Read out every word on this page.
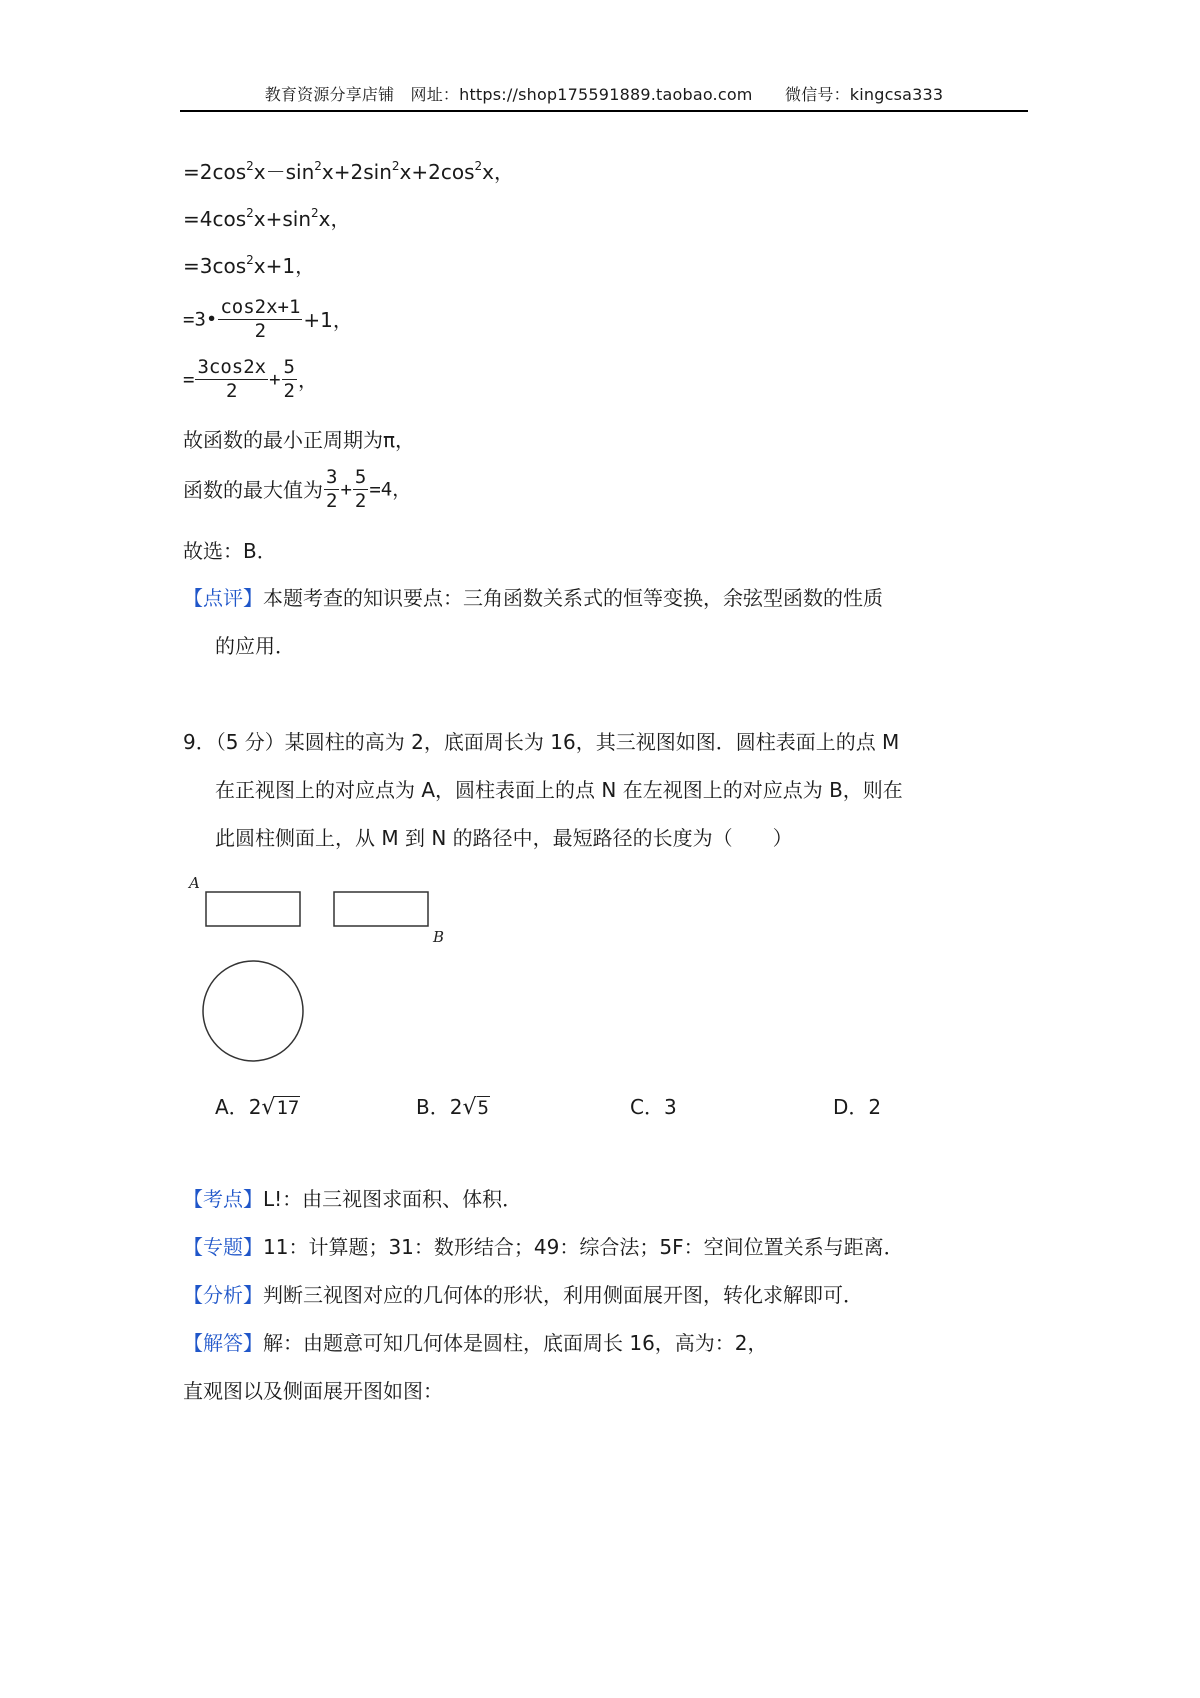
教育资源分享店铺　网址：https://shop175591889.taobao.com　　微信号：kingcsa333
$=2\cos^2x-\sin^2x+2\sin^2x+2\cos^2x$，
$=4\cos^2x+\sin^2x$，
$=3\cos^2x+1$，
=3• $\frac{\cos 2x+1}{2} +1$，
= $\frac{3\cos 2x}{2} + \frac{5}{2}$ ，
故函数的最小正周期为π，
函数的最大值为 $\frac{3}{2} + \frac{5}{2} =4$，
故选：B．
【点评】本题考查的知识要点：三角函数关系式的恒等变换，余弦型函数的性质
的应用．
9．（5 分）某圆柱的高为 2，底面周长为 16，其三视图如图．圆柱表面上的点 M
在正视图上的对应点为 A，圆柱表面上的点 N 在左视图上的对应点为 B，则在
此圆柱侧面上，从 M 到 N 的路径中，最短路径的长度为（　　）
A
B
A．2√17	B．2√5	C．3	D．2
【考点】L!：由三视图求面积、体积．
【专题】11：计算题；31：数形结合；49：综合法；5F：空间位置关系与距离．
【分析】判断三视图对应的几何体的形状，利用侧面展开图，转化求解即可．
【解答】解：由题意可知几何体是圆柱，底面周长 16，高为：2，
直观图以及侧面展开图如图：
